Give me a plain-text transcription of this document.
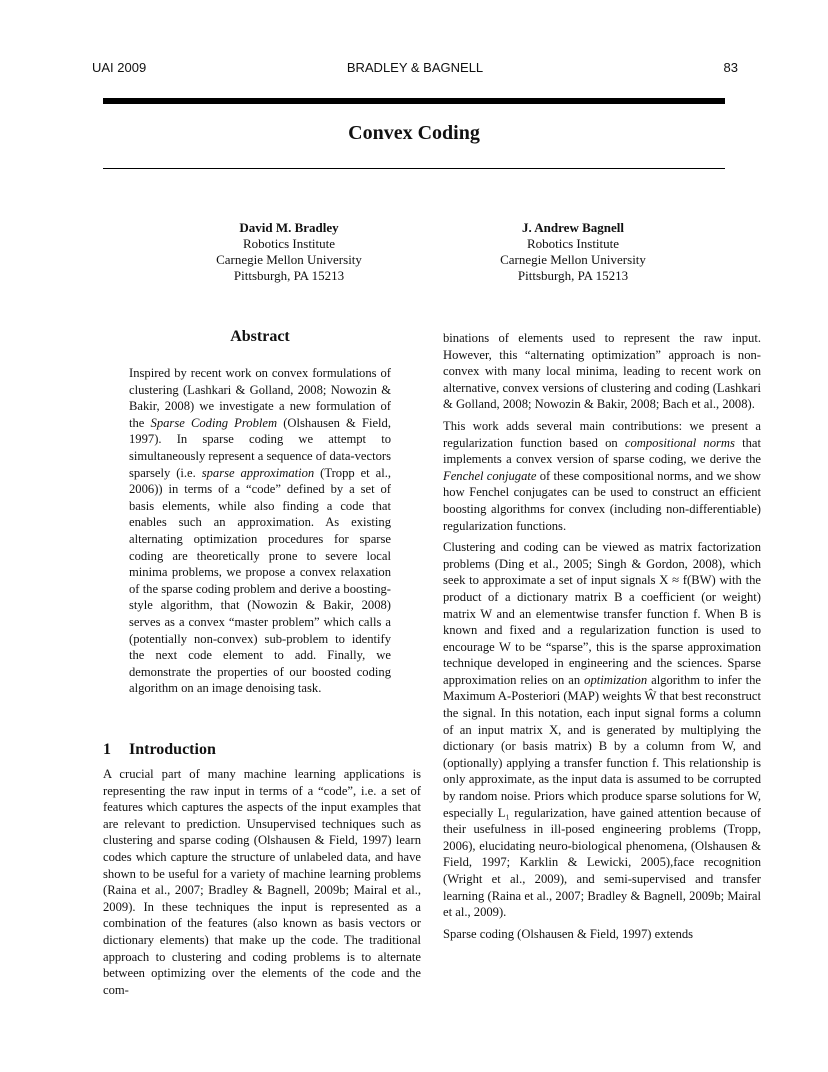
UAI 2009	BRADLEY & BAGNELL	83
Convex Coding
David M. Bradley
Robotics Institute
Carnegie Mellon University
Pittsburgh, PA 15213
J. Andrew Bagnell
Robotics Institute
Carnegie Mellon University
Pittsburgh, PA 15213
Abstract

Inspired by recent work on convex formulations of clustering (Lashkari & Golland, 2008; Nowozin & Bakir, 2008) we investigate a new formulation of the Sparse Coding Problem (Olshausen & Field, 1997). In sparse coding we attempt to simultaneously represent a sequence of data-vectors sparsely (i.e. sparse approximation (Tropp et al., 2006)) in terms of a “code” defined by a set of basis elements, while also finding a code that enables such an approximation. As existing alternating optimization procedures for sparse coding are theoretically prone to severe local minima problems, we propose a convex relaxation of the sparse coding problem and derive a boosting-style algorithm, that (Nowozin & Bakir, 2008) serves as a convex “master problem” which calls a (potentially non-convex) sub-problem to identify the next code element to add. Finally, we demonstrate the properties of our boosted coding algorithm on an image denoising task.

1 Introduction

A crucial part of many machine learning applications is representing the raw input in terms of a “code”, i.e. a set of features which captures the aspects of the input examples that are relevant to prediction. Unsupervised techniques such as clustering and sparse coding (Olshausen & Field, 1997) learn codes which capture the structure of unlabeled data, and have shown to be useful for a variety of machine learning problems (Raina et al., 2007; Bradley & Bagnell, 2009b; Mairal et al., 2009). In these techniques the input is represented as a combination of the features (also known as basis vectors or dictionary elements) that make up the code. The traditional approach to clustering and coding problems is to alternate between optimizing over the elements of the code and the com-

binations of elements used to represent the raw input. However, this “alternating optimization” approach is non-convex with many local minima, leading to recent work on alternative, convex versions of clustering and coding (Lashkari & Golland, 2008; Nowozin & Bakir, 2008; Bach et al., 2008).

This work adds several main contributions: we present a regularization function based on compositional norms that implements a convex version of sparse coding, we derive the Fenchel conjugate of these compositional norms, and we show how Fenchel conjugates can be used to construct an efficient boosting algorithms for convex (including non-differentiable) regularization functions.

Clustering and coding can be viewed as matrix factorization problems (Ding et al., 2005; Singh & Gordon, 2008), which seek to approximate a set of input signals X ≈ f(BW) with the product of a dictionary matrix B a coefficient (or weight) matrix W and an elementwise transfer function f. When B is known and fixed and a regularization function is used to encourage W to be “sparse”, this is the sparse approximation technique developed in engineering and the sciences. Sparse approximation relies on an optimization algorithm to infer the Maximum A-Posteriori (MAP) weights Ŵ that best reconstruct the signal. In this notation, each input signal forms a column of an input matrix X, and is generated by multiplying the dictionary (or basis matrix) B by a column from W, and (optionally) applying a transfer function f. This relationship is only approximate, as the input data is assumed to be corrupted by random noise. Priors which produce sparse solutions for W, especially L₁ regularization, have gained attention because of their usefulness in ill-posed engineering problems (Tropp, 2006), elucidating neuro-biological phenomena, (Olshausen & Field, 1997; Karklin & Lewicki, 2005),face recognition (Wright et al., 2009), and semi-supervised and transfer learning (Raina et al., 2007; Bradley & Bagnell, 2009b; Mairal et al., 2009).

Sparse coding (Olshausen & Field, 1997) extends
